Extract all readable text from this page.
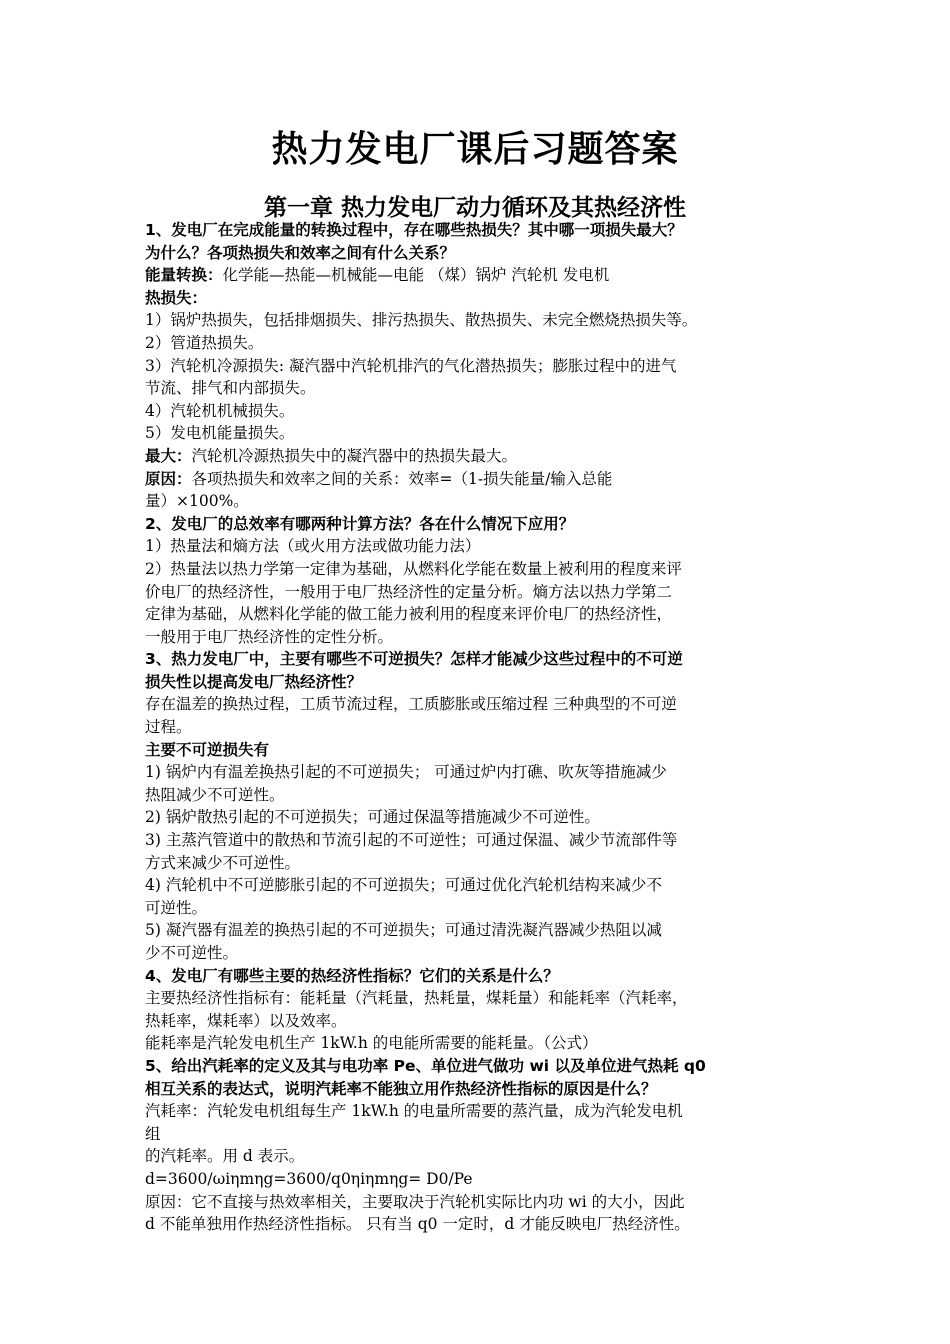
热力发电厂课后习题答案
第一章 热力发电厂动力循环及其热经济性
1、发电厂在完成能量的转换过程中，存在哪些热损失？其中哪一项损失最大？
为什么？各项热损失和效率之间有什么关系？
能量转换：化学能—热能—机械能—电能 （煤）锅炉 汽轮机 发电机
热损失：
1）锅炉热损失，包括排烟损失、排污热损失、散热损失、未完全燃烧热损失等。
2）管道热损失。
3）汽轮机冷源损失: 凝汽器中汽轮机排汽的气化潜热损失；膨胀过程中的进气
节流、排气和内部损失。
4）汽轮机机械损失。
5）发电机能量损失。
最大：汽轮机冷源热损失中的凝汽器中的热损失最大。
原因：各项热损失和效率之间的关系：效率=（1-损失能量/输入总能
量）×100%。
2、发电厂的总效率有哪两种计算方法？各在什么情况下应用？
1）热量法和熵方法（或火用方法或做功能力法）
2）热量法以热力学第一定律为基础，从燃料化学能在数量上被利用的程度来评
价电厂的热经济性，一般用于电厂热经济性的定量分析。熵方法以热力学第二
定律为基础，从燃料化学能的做工能力被利用的程度来评价电厂的热经济性，
一般用于电厂热经济性的定性分析。
3、热力发电厂中，主要有哪些不可逆损失？怎样才能减少这些过程中的不可逆
损失性以提高发电厂热经济性？
存在温差的换热过程，工质节流过程，工质膨胀或压缩过程 三种典型的不可逆
过程。
主要不可逆损失有
1) 锅炉内有温差换热引起的不可逆损失； 可通过炉内打礁、吹灰等措施减少
热阻减少不可逆性。
2) 锅炉散热引起的不可逆损失；可通过保温等措施减少不可逆性。
3) 主蒸汽管道中的散热和节流引起的不可逆性；可通过保温、减少节流部件等
方式来减少不可逆性。
4) 汽轮机中不可逆膨胀引起的不可逆损失；可通过优化汽轮机结构来减少不
可逆性。
5) 凝汽器有温差的换热引起的不可逆损失；可通过清洗凝汽器减少热阻以减
少不可逆性。
4、发电厂有哪些主要的热经济性指标？它们的关系是什么？
主要热经济性指标有：能耗量（汽耗量，热耗量，煤耗量）和能耗率（汽耗率，
热耗率，煤耗率）以及效率。
能耗率是汽轮发电机生产 1kW.h 的电能所需要的能耗量。（公式）
5、给出汽耗率的定义及其与电功率 Pe、单位进气做功 wi 以及单位进气热耗 q0
相互关系的表达式，说明汽耗率不能独立用作热经济性指标的原因是什么？
汽耗率：汽轮发电机组每生产 1kW.h 的电量所需要的蒸汽量，成为汽轮发电机
组
的汽耗率。用 d 表示。
d=3600/ωiηmηg=3600/q0ηiηmηg= D0/Pe
原因：它不直接与热效率相关，主要取决于汽轮机实际比内功 wi 的大小，因此
d 不能单独用作热经济性指标。 只有当 q0 一定时，d 才能反映电厂热经济性。
